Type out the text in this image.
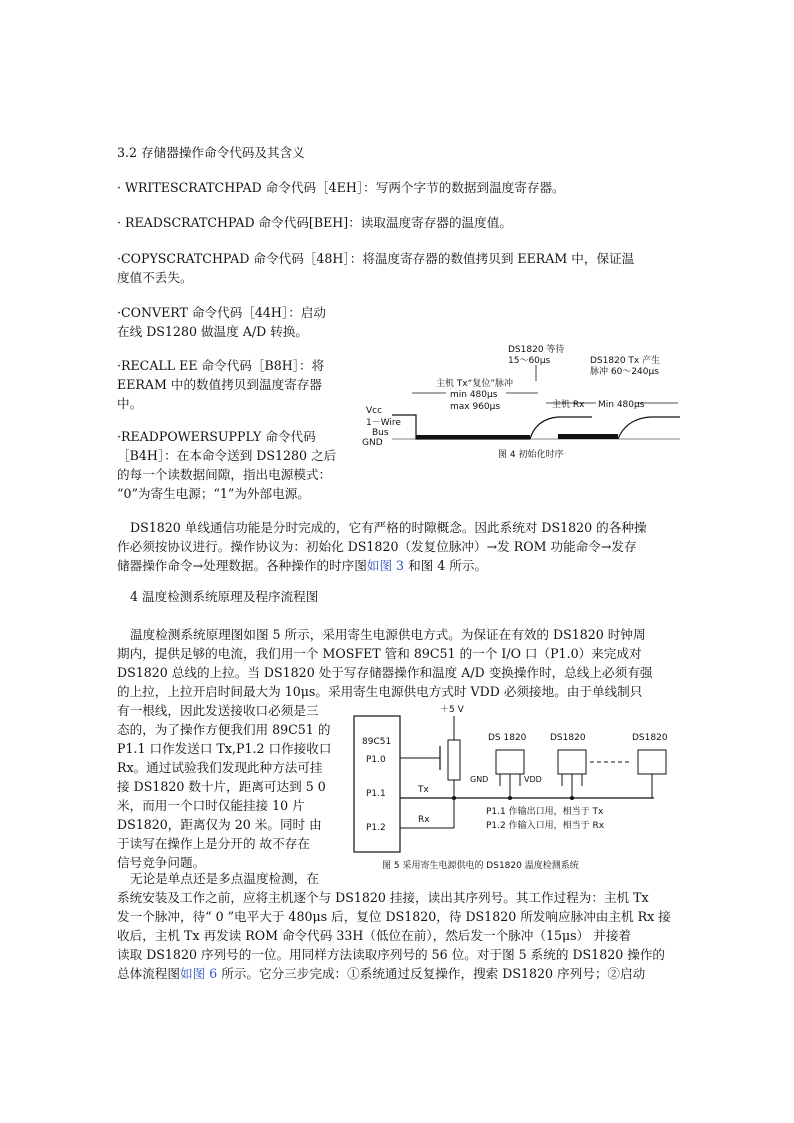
3.2 存储器操作命令代码及其含义

· WRITESCRATCHPAD 命令代码［4EH］：写两个字节的数据到温度寄存器。

· READSCRATCHPAD 命令代码[BEH]：读取温度寄存器的温度值。

·COPYSCRATCHPAD 命令代码［48H］：将温度寄存器的数值拷贝到 EERAM 中，保证温
度值不丢失。

·CONVERT 命令代码［44H］：启动
在线 DS1280 做温度 A/D 转换。

·RECALL EE 命令代码［B8H］：将
EERAM 中的数值拷贝到温度寄存器
中。

·READPOWERSUPPLY 命令代码
［B4H］：在本命令送到 DS1280 之后
的每一个读数据间隙，指出电源模式：
“0”为寄生电源；“1”为外部电源。

DS1820 等待
15～60μs	DS1820 Tx 产生
脉冲 60～240μs
主机 Tx“复位”脉冲
min 480μs
max 960μs	主机 Rx Min 480μs
Vcc
1－Wire
Bus
GND
图 4 初始化时序

DS1820 单线通信功能是分时完成的，它有严格的时隙概念。因此系统对 DS1820 的各种操
作必须按协议进行。操作协议为：初始化 DS1820（发复位脉冲）→发 ROM 功能命令→发存
储器操作命令→处理数据。各种操作的时序图如图 3 和图 4 所示。

4 温度检测系统原理及程序流程图

温度检测系统原理图如图 5 所示，采用寄生电源供电方式。为保证在有效的 DS1820 时钟周
期内，提供足够的电流，我们用一个 MOSFET 管和 89C51 的一个 I/O 口（P1.0）来完成对
DS1820 总线的上拉。当 DS1820 处于写存储器操作和温度 A/D 变换操作时，总线上必须有强
的上拉，上拉开启时间最大为 10μs。采用寄生电源供电方式时 VDD 必须接地。由于单线制只
有一根线，因此发送接收口必须是三
态的，为了操作方便我们用 89C51 的
P1.1 口作发送口 Tx,P1.2 口作接收口
Rx。通过试验我们发现此种方法可挂
接 DS1820 数十片，距离可达到 5 0
米，而用一个口时仅能挂接 10 片
DS1820，距离仅为 20 米。同时 由
于读写在操作上是分开的 故不存在
信号竞争问题。

89C51
P1.0
P1.1
P1.2
＋5 V
Tx
Rx
DS 1820
GND	VDD
DS1820	DS1820
P1.1 作输出口用，相当于 Tx
P1.2 作输入口用，相当于 Rx
图 5 采用寄生电源供电的 DS1820 温度检测系统

无论是单点还是多点温度检测，在
系统安装及工作之前，应将主机逐个与 DS1820 挂接，读出其序列号。其工作过程为：主机 Tx
发一个脉冲，待“ 0 ”电平大于 480μs 后，复位 DS1820，待 DS1820 所发响应脉冲由主机 Rx 接
收后，主机 Tx 再发读 ROM 命令代码 33H（低位在前），然后发一个脉冲（15μs） 并接着
读取 DS1820 序列号的一位。用同样方法读取序列号的 56 位。对于图 5 系统的 DS1820 操作的
总体流程图如图 6 所示。它分三步完成：①系统通过反复操作，搜索 DS1820 序列号；②启动
